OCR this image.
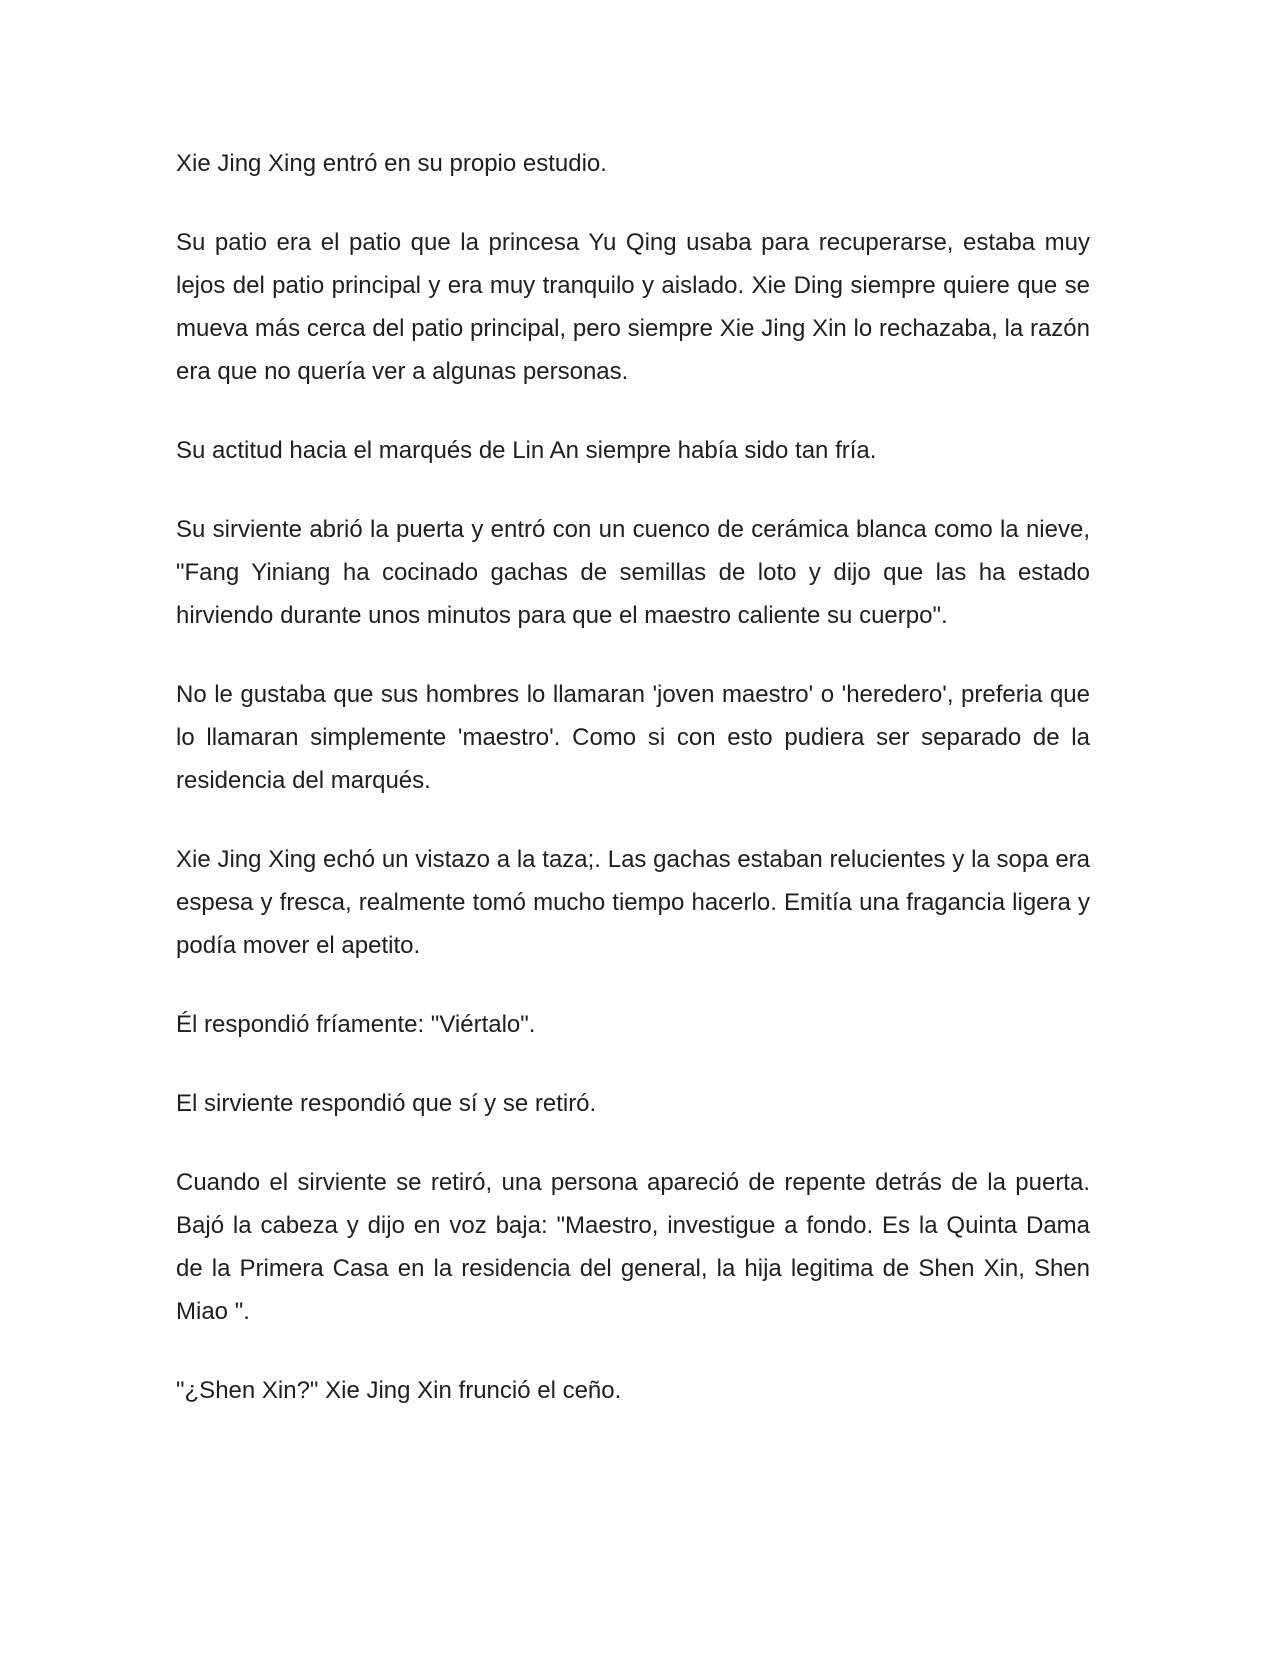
Xie Jing Xing entró en su propio estudio.

Su patio era el patio que la princesa Yu Qing usaba para recuperarse, estaba muy lejos del patio principal y era muy tranquilo y aislado. Xie Ding siempre quiere que se mueva más cerca del patio principal, pero siempre Xie Jing Xin lo rechazaba, la razón era que no quería ver a algunas personas.

Su actitud hacia el marqués de Lin An siempre había sido tan fría.

Su sirviente abrió la puerta y entró con un cuenco de cerámica blanca como la nieve, "Fang Yiniang ha cocinado gachas de semillas de loto y dijo que las ha estado hirviendo durante unos minutos para que el maestro caliente su cuerpo".

No le gustaba que sus hombres lo llamaran 'joven maestro' o 'heredero', preferia que lo llamaran simplemente 'maestro'. Como si con esto pudiera ser separado de la residencia del marqués.

Xie Jing Xing echó un vistazo a la taza;. Las gachas estaban relucientes y la sopa era espesa y fresca, realmente tomó mucho tiempo hacerlo. Emitía una fragancia ligera y podía mover el apetito.

Él respondió fríamente: "Viértalo".

El sirviente respondió que sí y se retiró.

Cuando el sirviente se retiró, una persona apareció de repente detrás de la puerta. Bajó la cabeza y dijo en voz baja: "Maestro, investigue a fondo. Es la Quinta Dama de la Primera Casa en la residencia del general, la hija legitima de Shen Xin, Shen Miao ".

"¿Shen Xin?" Xie Jing Xin frunció el ceño.
